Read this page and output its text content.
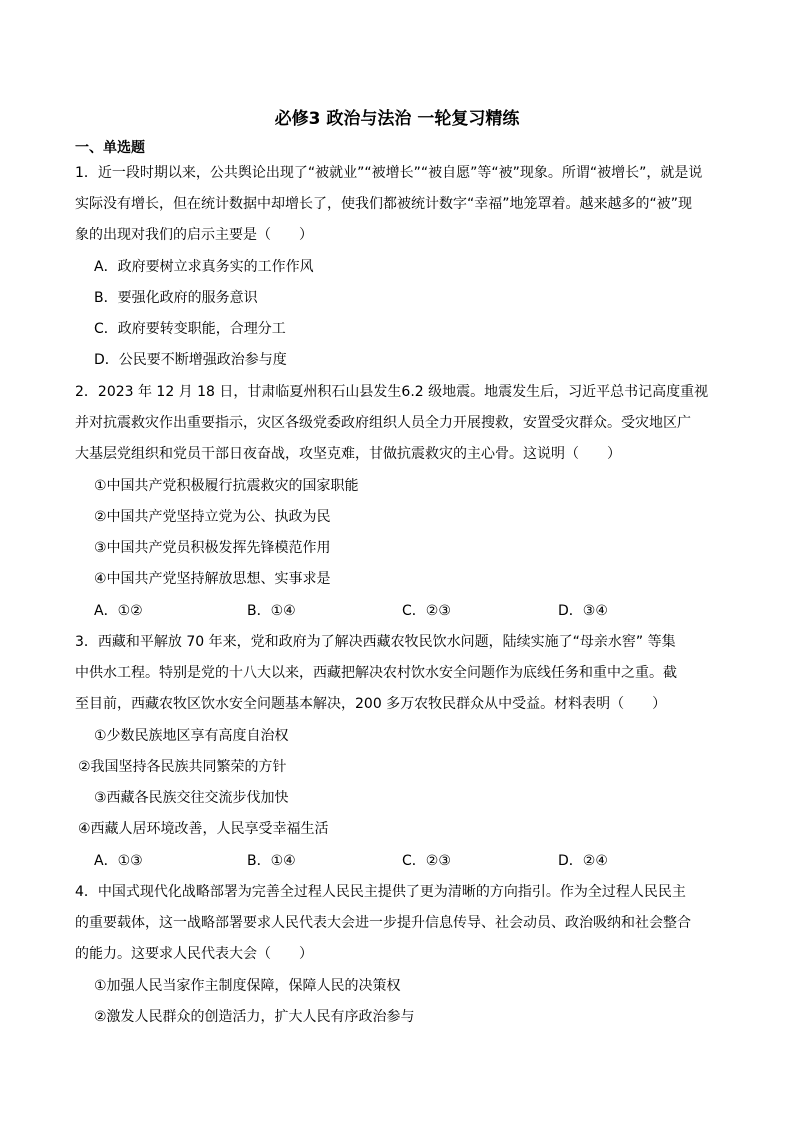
必修3 政治与法治 一轮复习精练
一、单选题
1．近一段时期以来，公共舆论出现了“被就业”“被增长”“被自愿”等“被”现象。所谓“被增长”，就是说
实际没有增长，但在统计数据中却增长了，使我们都被统计数字“幸福”地笼罩着。越来越多的“被”现
象的出现对我们的启示主要是（　　）
A．政府要树立求真务实的工作作风
B．要强化政府的服务意识
C．政府要转变职能，合理分工
D．公民要不断增强政治参与度
2．2023 年 12 月 18 日，甘肃临夏州积石山县发生6.2 级地震。地震发生后，习近平总书记高度重视
并对抗震救灾作出重要指示，灾区各级党委政府组织人员全力开展搜救，安置受灾群众。受灾地区广
大基层党组织和党员干部日夜奋战，攻坚克难，甘做抗震救灾的主心骨。这说明（　　）
①中国共产党积极履行抗震救灾的国家职能
②中国共产党坚持立党为公、执政为民
③中国共产党员积极发挥先锋模范作用
④中国共产党坚持解放思想、实事求是
A．①②	B．①④	C．②③	D．③④
3．西藏和平解放 70 年来，党和政府为了解决西藏农牧民饮水问题，陆续实施了“母亲水窖” 等集
中供水工程。特别是党的十八大以来，西藏把解决农村饮水安全问题作为底线任务和重中之重。截
至目前，西藏农牧区饮水安全问题基本解决，200 多万农牧民群众从中受益。材料表明（　　）
①少数民族地区享有高度自治权
②我国坚持各民族共同繁荣的方针
③西藏各民族交往交流步伐加快
④西藏人居环境改善，人民享受幸福生活
A．①③	B．①④	C．②③	D．②④
4．中国式现代化战略部署为完善全过程人民民主提供了更为清晰的方向指引。作为全过程人民民主
的重要载体，这一战略部署要求人民代表大会进一步提升信息传导、社会动员、政治吸纳和社会整合
的能力。这要求人民代表大会（　　）
①加强人民当家作主制度保障，保障人民的决策权
②激发人民群众的创造活力，扩大人民有序政治参与
